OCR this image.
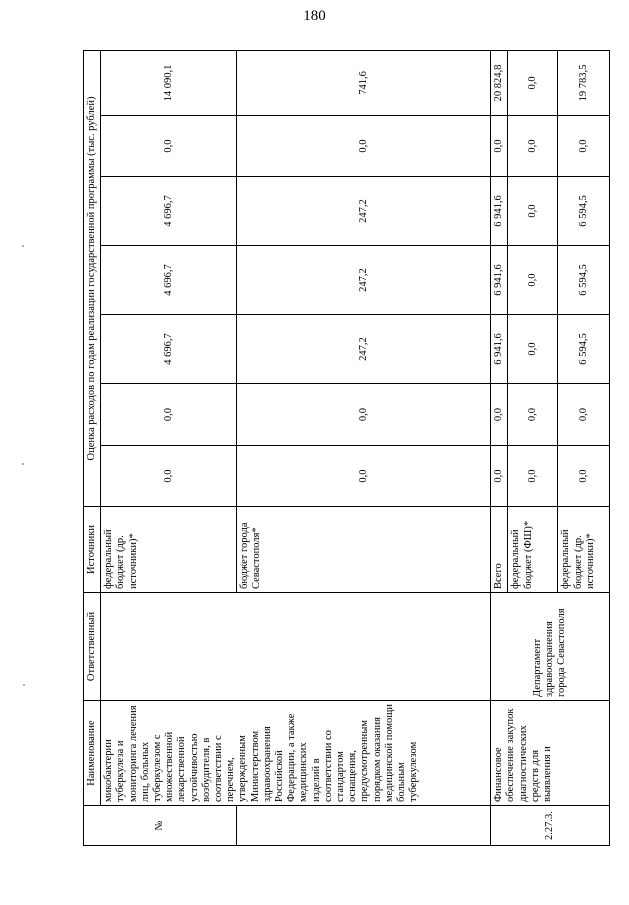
180
№	Наименование	Ответственный	Источники	Оценка расходов по годам реализации государственной программы (тыс. рублей)						
	микобактерии туберкулеза и мониторинга лечения лиц, больных туберкулезом с множественной лекарственной устойчивостью возбудителя, в соответствии с перечнем, утвержденным Министерством здравоохранения Российской Федерации, а также медицинских изделий в соответствии со стандартом оснащения, предусмотренным порядком оказания медицинской помощи больным туберкулезом		федеральный бюджет (др. источники)*	0,0	0,0	4 696,7	4 696,7	4 696,7	0,0	14 090,1
			бюджет города Севастополя*	0,0	0,0	247,2	247,2	247,2	0,0	741,6
2.27.3.	Финансовое обеспечение закупок диагностических средств для выявления и	Департамент здравоохранения города Севастополя	Всего	0,0	0,0	6 941,6	6 941,6	6 941,6	0,0	20 824,8
			федеральный бюджет (ФШ)*	0,0	0,0	0,0	0,0	0,0	0,0	0,0
			федеральный бюджет (др. источники)*	0,0	0,0	6 594,5	6 594,5	6 594,5	0,0	19 783,5
